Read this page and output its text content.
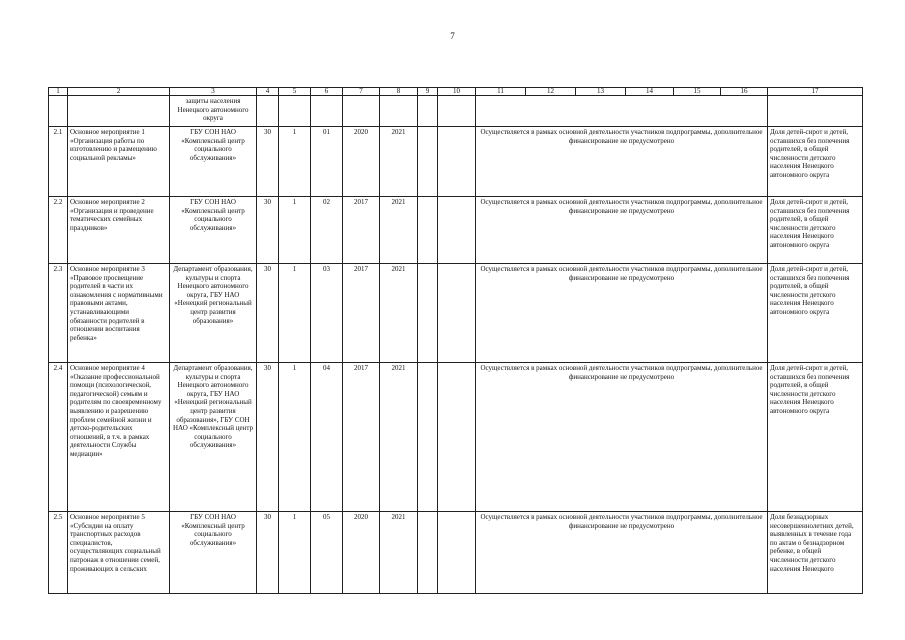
7
1	2	3	4	5	6	7	8	9	10	11	12	13	14	15	16	17
		защиты населения Ненецкого автономного округа														
2.1	Основное мероприятие 1 «Организация работы по изготовлению и размещению социальной рекламы»	ГБУ СОН НАО «Комплексный центр социального обслуживания»	30	1	01	2020	2021			Осуществляется в рамках основной деятельности участников подпрограммы, дополнительное финансирование не предусмотрено						Доля детей-сирот и детей, оставшихся без попечения родителей, в общей численности детского населения Ненецкого автономного округа
2.2	Основное мероприятие 2 «Организация и проведение тематических семейных праздников»	ГБУ СОН НАО «Комплексный центр социального обслуживания»	30	1	02	2017	2021			Осуществляется в рамках основной деятельности участников подпрограммы, дополнительное финансирование не предусмотрено						Доля детей-сирот и детей, оставшихся без попечения родителей, в общей численности детского населения Ненецкого автономного округа
2.3	Основное мероприятие 3 «Правовое просвещение родителей в части их ознакомления с нормативными правовыми актами, устанавливающими обязанности родителей в отношении воспитания ребенка»	Департамент образования, культуры и спорта Ненецкого автономного округа, ГБУ НАО «Ненецкий региональный центр развития образования»	30	1	03	2017	2021			Осуществляется в рамках основной деятельности участников подпрограммы, дополнительное финансирование не предусмотрено						Доля детей-сирот и детей, оставшихся без попечения родителей, в общей численности детского населения Ненецкого автономного округа
2.4	Основное мероприятие 4 «Оказание профессиональной помощи (психологической, педагогической) семьям и родителям по своевременному выявлению и разрешению проблем семейной жизни и детско-родительских отношений, в т.ч. в рамках деятельности Службы медиации»	Департамент образования, культуры и спорта Ненецкого автономного округа, ГБУ НАО «Ненецкий региональный центр развития образования», ГБУ СОН НАО «Комплексный центр социального обслуживания»	30	1	04	2017	2021			Осуществляется в рамках основной деятельности участников подпрограммы, дополнительное финансирование не предусмотрено						Доля детей-сирот и детей, оставшихся без попечения родителей, в общей численности детского населения Ненецкого автономного округа
2.5	Основное мероприятие 5 «Субсидии на оплату транспортных расходов специалистов, осуществляющих социальный патронаж в отношении семей, проживающих в сельских	ГБУ СОН НАО «Комплексный центр социального обслуживания»	30	1	05	2020	2021			Осуществляется в рамках основной деятельности участников подпрограммы, дополнительное финансирование не предусмотрено						Доля безнадзорных несовершеннолетних детей, выявленных в течение года по актам о безнадзорном ребенке, в общей численности детского населения Ненецкого
